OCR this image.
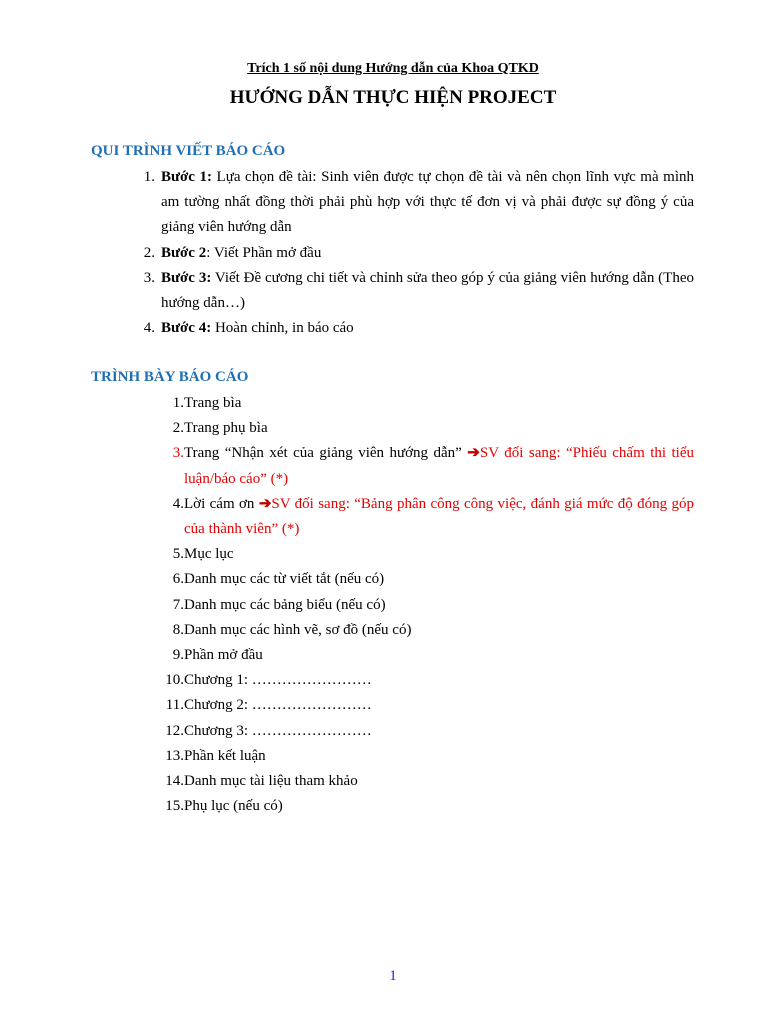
Trích 1 số nội dung Hướng dẫn của Khoa QTKD
HƯỚNG DẪN THỰC HIỆN PROJECT
QUI TRÌNH VIẾT BÁO CÁO
1. Bước 1: Lựa chọn đề tài: Sinh viên được tự chọn đề tài và nên chọn lĩnh vực mà mình am tường nhất đồng thời phải phù hợp với thực tế đơn vị và phải được sự đồng ý của giảng viên hướng dẫn
2. Bước 2: Viết Phần mở đầu
3. Bước 3: Viết Đề cương chi tiết và chỉnh sửa theo góp ý của giảng viên hướng dẫn (Theo hướng dẫn…)
4. Bước 4: Hoàn chỉnh, in báo cáo
TRÌNH BÀY BÁO CÁO
1. Trang bìa
2. Trang phụ bìa
3. Trang “Nhận xét của giảng viên hướng dẫn” ➔SV đối sang: “Phiếu chấm thi tiểu luận/báo cáo” (*)
4. Lời cám ơn ➔SV đối sang: “Bảng phân công công việc, đánh giá mức độ đóng góp của thành viên” (*)
5. Mục lục
6. Danh mục các từ viết tắt (nếu có)
7. Danh mục các bảng biểu (nếu có)
8. Danh mục các hình vẽ, sơ đồ (nếu có)
9. Phần mở đầu
10. Chương 1: ……………………
11. Chương 2: ……………………
12. Chương 3: ……………………
13. Phần kết luận
14. Danh mục tài liệu tham khảo
15. Phụ lục (nếu có)
1
